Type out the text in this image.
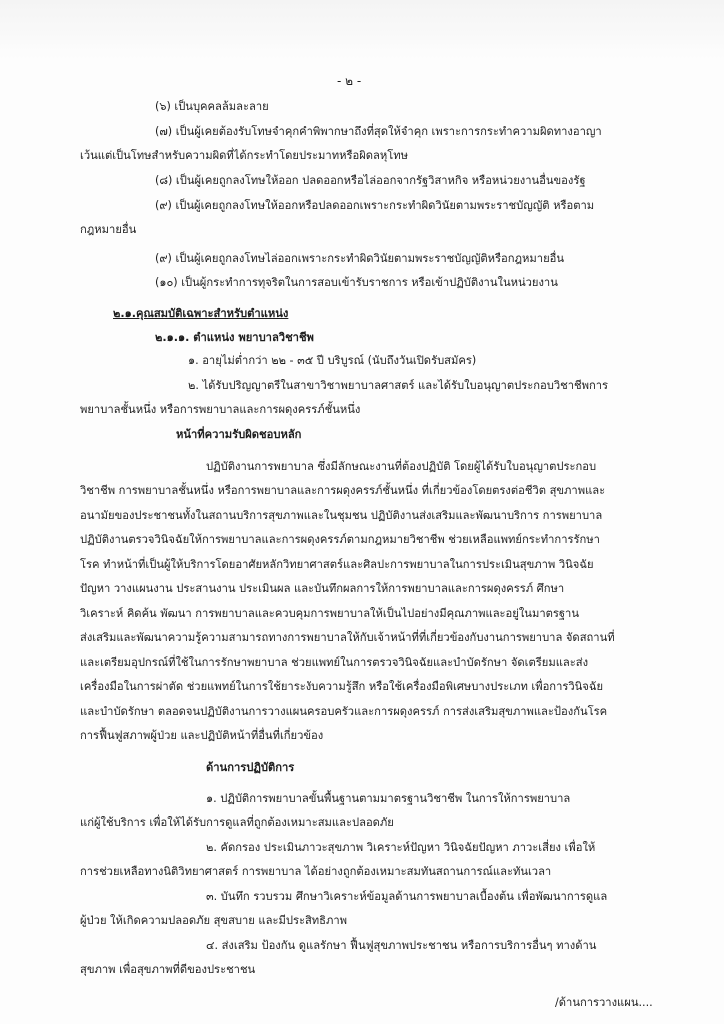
- ๒ -
(๖) เป็นบุคคลล้มละลาย
(๗) เป็นผู้เคยต้องรับโทษจำคุกคำพิพากษาถึงที่สุดให้จำคุก เพราะการกระทำความผิดทางอาญา
เว้นแต่เป็นโทษสำหรับความผิดที่ได้กระทำโดยประมาทหรือผิดลหุโทษ
(๘) เป็นผู้เคยถูกลงโทษให้ออก ปลดออกหรือไล่ออกจากรัฐวิสาหกิจ หรือหน่วยงานอื่นของรัฐ
(๙) เป็นผู้เคยถูกลงโทษให้ออกหรือปลดออกเพราะกระทำผิดวินัยตามพระราชบัญญัติ หรือตาม
กฎหมายอื่น
(๙) เป็นผู้เคยถูกลงโทษไล่ออกเพราะกระทำผิดวินัยตามพระราชบัญญัติหรือกฎหมายอื่น
(๑๐) เป็นผู้กระทำการทุจริตในการสอบเข้ารับราชการ หรือเข้าปฏิบัติงานในหน่วยงาน
๒.๑.คุณสมบัติเฉพาะสำหรับตำแหน่ง
๒.๑.๑. ตำแหน่ง พยาบาลวิชาชีพ
๑. อายุไม่ต่ำกว่า ๒๒ - ๓๕ ปี บริบูรณ์ (นับถึงวันเปิดรับสมัคร)
๒. ได้รับปริญญาตรีในสาขาวิชาพยาบาลศาสตร์ และได้รับใบอนุญาตประกอบวิชาชีพการ
พยาบาลชั้นหนึ่ง หรือการพยาบาลและการผดุงครรภ์ชั้นหนึ่ง
หน้าที่ความรับผิดชอบหลัก
ปฏิบัติงานการพยาบาล ซึ่งมีลักษณะงานที่ต้องปฏิบัติ โดยผู้ได้รับใบอนุญาตประกอบ
วิชาชีพ การพยาบาลชั้นหนึ่ง หรือการพยาบาลและการผดุงครรภ์ชั้นหนึ่ง ที่เกี่ยวข้องโดยตรงต่อชีวิต สุขภาพและ
อนามัยของประชาชนทั้งในสถานบริการสุขภาพและในชุมชน ปฏิบัติงานส่งเสริมและพัฒนาบริการ การพยาบาล
ปฏิบัติงานตรวจวินิจฉัยให้การพยาบาลและการผดุงครรภ์ตามกฎหมายวิชาชีพ ช่วยเหลือแพทย์กระทำการรักษา
โรค ทำหน้าที่เป็นผู้ให้บริการโดยอาศัยหลักวิทยาศาสตร์และศิลปะการพยาบาลในการประเมินสุขภาพ วินิจฉัย
ปัญหา วางแผนงาน ประสานงาน ประเมินผล และบันทึกผลการให้การพยาบาลและการผดุงครรภ์ ศึกษา
วิเคราะห์ คิดค้น พัฒนา การพยาบาลและควบคุมการพยาบาลให้เป็นไปอย่างมีคุณภาพและอยู่ในมาตรฐาน
ส่งเสริมและพัฒนาความรู้ความสามารถทางการพยาบาลให้กับเจ้าหน้าที่ที่เกี่ยวข้องกับงานการพยาบาล จัดสถานที่
และเตรียมอุปกรณ์ที่ใช้ในการรักษาพยาบาล ช่วยแพทย์ในการตรวจวินิจฉัยและบำบัดรักษา จัดเตรียมและส่ง
เครื่องมือในการผ่าตัด ช่วยแพทย์ในการใช้ยาระงับความรู้สึก หรือใช้เครื่องมือพิเศษบางประเภท เพื่อการวินิจฉัย
และบำบัดรักษา ตลอดจนปฏิบัติงานการวางแผนครอบครัวและการผดุงครรภ์ การส่งเสริมสุขภาพและป้องกันโรค
การฟื้นฟูสภาพผู้ป่วย และปฏิบัติหน้าที่อื่นที่เกี่ยวข้อง
ด้านการปฏิบัติการ
๑. ปฏิบัติการพยาบาลขั้นพื้นฐานตามมาตรฐานวิชาชีพ ในการให้การพยาบาล
แก่ผู้ใช้บริการ เพื่อให้ได้รับการดูแลที่ถูกต้องเหมาะสมและปลอดภัย
๒. คัดกรอง ประเมินภาวะสุขภาพ วิเคราะห์ปัญหา วินิจฉัยปัญหา ภาวะเสี่ยง เพื่อให้
การช่วยเหลือทางนิติวิทยาศาสตร์ การพยาบาล ได้อย่างถูกต้องเหมาะสมทันสถานการณ์และทันเวลา
๓. บันทึก รวบรวม ศึกษาวิเคราะห์ข้อมูลด้านการพยาบาลเบื้องต้น เพื่อพัฒนาการดูแล
ผู้ป่วย ให้เกิดความปลอดภัย สุขสบาย และมีประสิทธิภาพ
๔. ส่งเสริม ป้องกัน ดูแลรักษา ฟื้นฟูสุขภาพประชาชน หรือการบริการอื่นๆ ทางด้าน
สุขภาพ เพื่อสุขภาพที่ดีของประชาชน
/ด้านการวางแผน....
